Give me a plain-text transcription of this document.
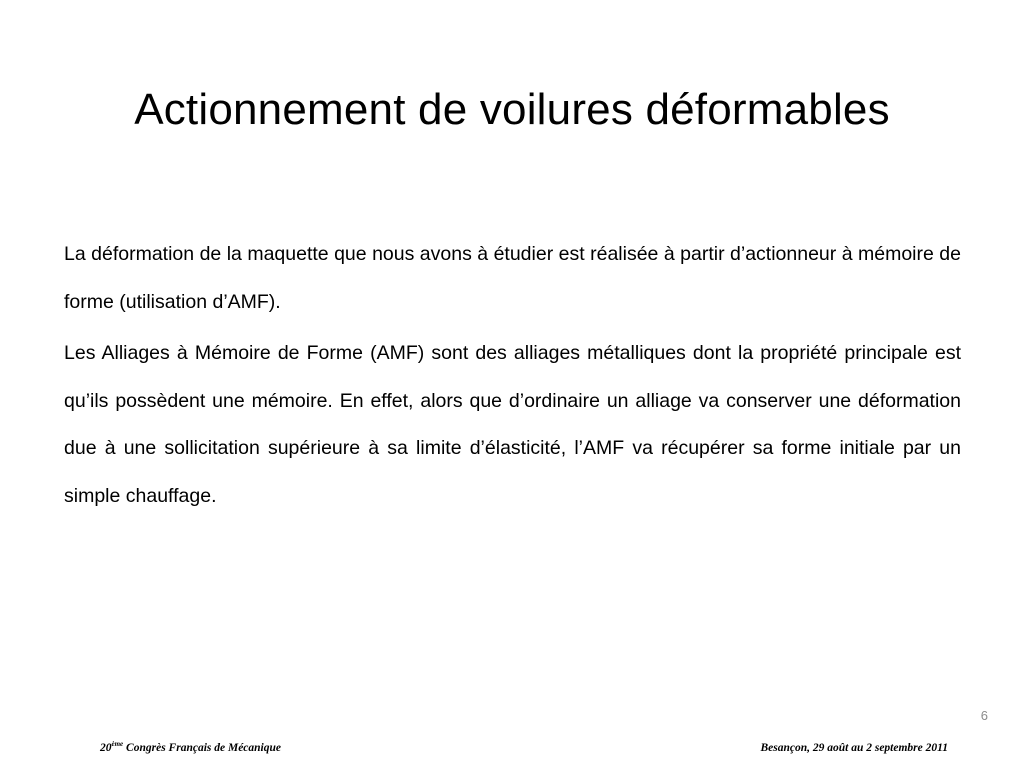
Actionnement de voilures déformables

La déformation de la maquette que nous avons à étudier est réalisée à partir d’actionneur à mémoire de forme (utilisation d’AMF).

Les Alliages à Mémoire de Forme (AMF) sont des alliages métalliques dont la propriété principale est qu’ils possèdent une mémoire. En effet, alors que d’ordinaire un alliage va conserver une déformation due à une sollicitation supérieure à sa limite d’élasticité, l’AMF va récupérer sa forme initiale par un simple chauffage.

6
20ème Congrès Français de Mécanique	Besançon, 29 août au 2 septembre 2011
